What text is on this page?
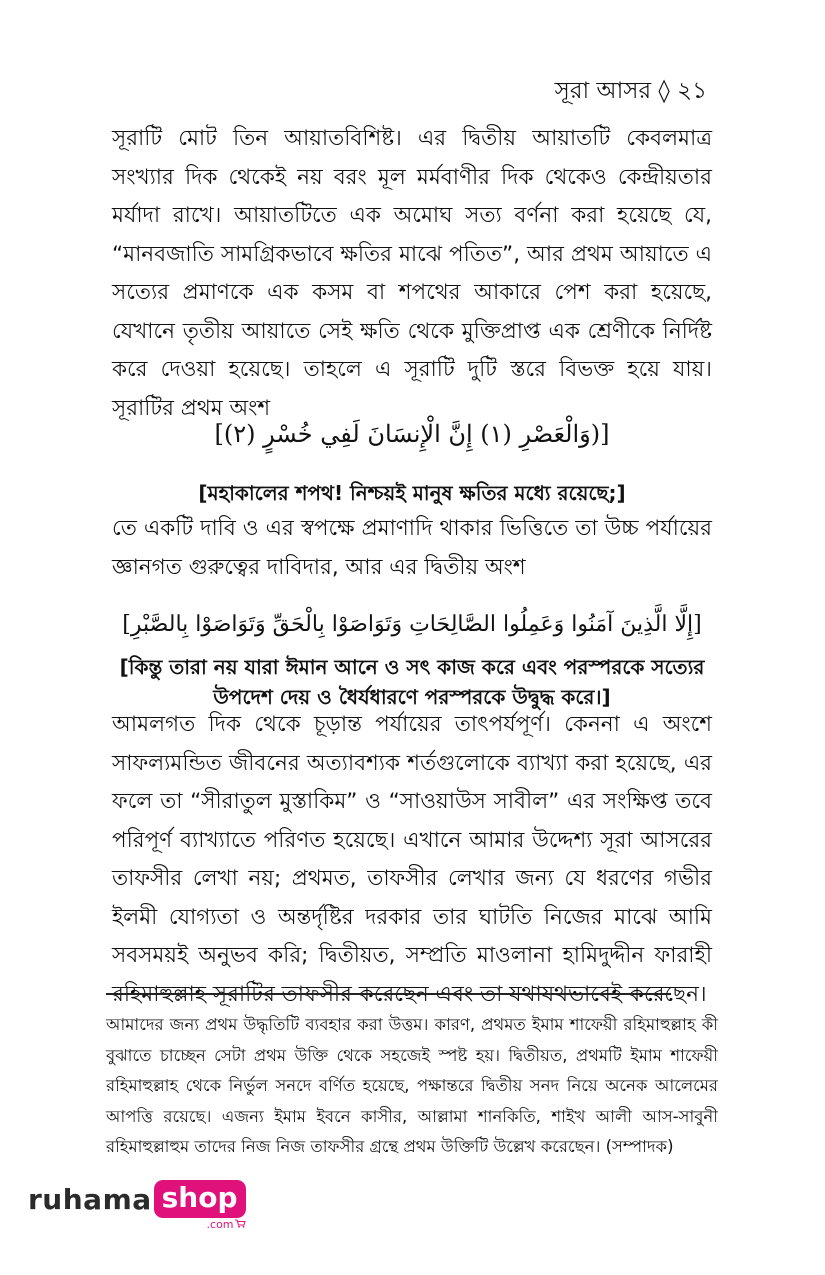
সূরা আসর ◊ ২১

সূরাটি মোট তিন আয়াতবিশিষ্ট। এর দ্বিতীয় আয়াতটি কেবলমাত্র সংখ্যার দিক থেকেই নয় বরং মূল মর্মবাণীর দিক থেকেও কেন্দ্রীয়তার মর্যাদা রাখে। আয়াতটিতে এক অমোঘ সত্য বর্ণনা করা হয়েছে যে, “মানবজাতি সামগ্রিকভাবে ক্ষতির মাঝে পতিত”, আর প্রথম আয়াতে এ সত্যের প্রমাণকে এক কসম বা শপথের আকারে পেশ করা হয়েছে, যেখানে তৃতীয় আয়াতে সেই ক্ষতি থেকে মুক্তিপ্রাপ্ত এক শ্রেণীকে নির্দিষ্ট করে দেওয়া হয়েছে। তাহলে এ সূরাটি দুটি স্তরে বিভক্ত হয়ে যায়। সূরাটির প্রথম অংশ

[(وَالْعَصْرِ (١) إِنَّ الْإِنسَانَ لَفِي خُسْرٍ (٢)]

[মহাকালের শপথ! নিশ্চয়ই মানুষ ক্ষতির মধ্যে রয়েছে;]

তে একটি দাবি ও এর স্বপক্ষে প্রমাণাদি থাকার ভিত্তিতে তা উচ্চ পর্যায়ের জ্ঞানগত গুরুত্বের দাবিদার, আর এর দ্বিতীয় অংশ

[إِلَّا الَّذِينَ آمَنُوا وَعَمِلُوا الصَّالِحَاتِ وَتَوَاصَوْا بِالْحَقِّ وَتَوَاصَوْا بِالصَّبْرِ]

[কিন্তু তারা নয় যারা ঈমান আনে ও সৎ কাজ করে এবং পরস্পরকে সত্যের
উপদেশ দেয় ও ধৈর্যধারণে পরস্পরকে উদ্বুদ্ধ করে।]

আমলগত দিক থেকে চূড়ান্ত পর্যায়ের তাৎপর্যপূর্ণ। কেননা এ অংশে সাফল্যমন্ডিত জীবনের অত্যাবশ্যক শর্তগুলোকে ব্যাখ্যা করা হয়েছে, এর ফলে তা “সীরাতুল মুস্তাকিম” ও “সাওয়াউস সাবীল” এর সংক্ষিপ্ত তবে পরিপূর্ণ ব্যাখ্যাতে পরিণত হয়েছে। এখানে আমার উদ্দেশ্য সূরা আসরের তাফসীর লেখা নয়; প্রথমত, তাফসীর লেখার জন্য যে ধরণের গভীর ইলমী যোগ্যতা ও অন্তর্দৃষ্টির দরকার তার ঘাটতি নিজের মাঝে আমি সবসময়ই অনুভব করি; দ্বিতীয়ত, সম্প্রতি মাওলানা হামিদুদ্দীন ফারাহী রহিমাহুল্লাহ সূরাটির তাফসীর করেছেন এবং তা যথাযথভাবেই করেছেন।

আমাদের জন্য প্রথম উদ্ধৃতিটি ব্যবহার করা উত্তম। কারণ, প্রথমত ইমাম শাফেয়ী রহিমাহুল্লাহ কী বুঝাতে চাচ্ছেন সেটা প্রথম উক্তি থেকে সহজেই স্পষ্ট হয়। দ্বিতীয়ত, প্রথমটি ইমাম শাফেয়ী রহিমাহুল্লাহ থেকে নির্ভুল সনদে বর্ণিত হয়েছে, পক্ষান্তরে দ্বিতীয় সনদ নিয়ে অনেক আলেমের আপত্তি রয়েছে। এজন্য ইমাম ইবনে কাসীর, আল্লামা শানকিতি, শাইখ আলী আস-সাবুনী রহিমাহুল্লাহুম তাদের নিজ নিজ তাফসীর গ্রন্থে প্রথম উক্তিটি উল্লেখ করেছেন। (সম্পাদক)

ruhama shop
.com
